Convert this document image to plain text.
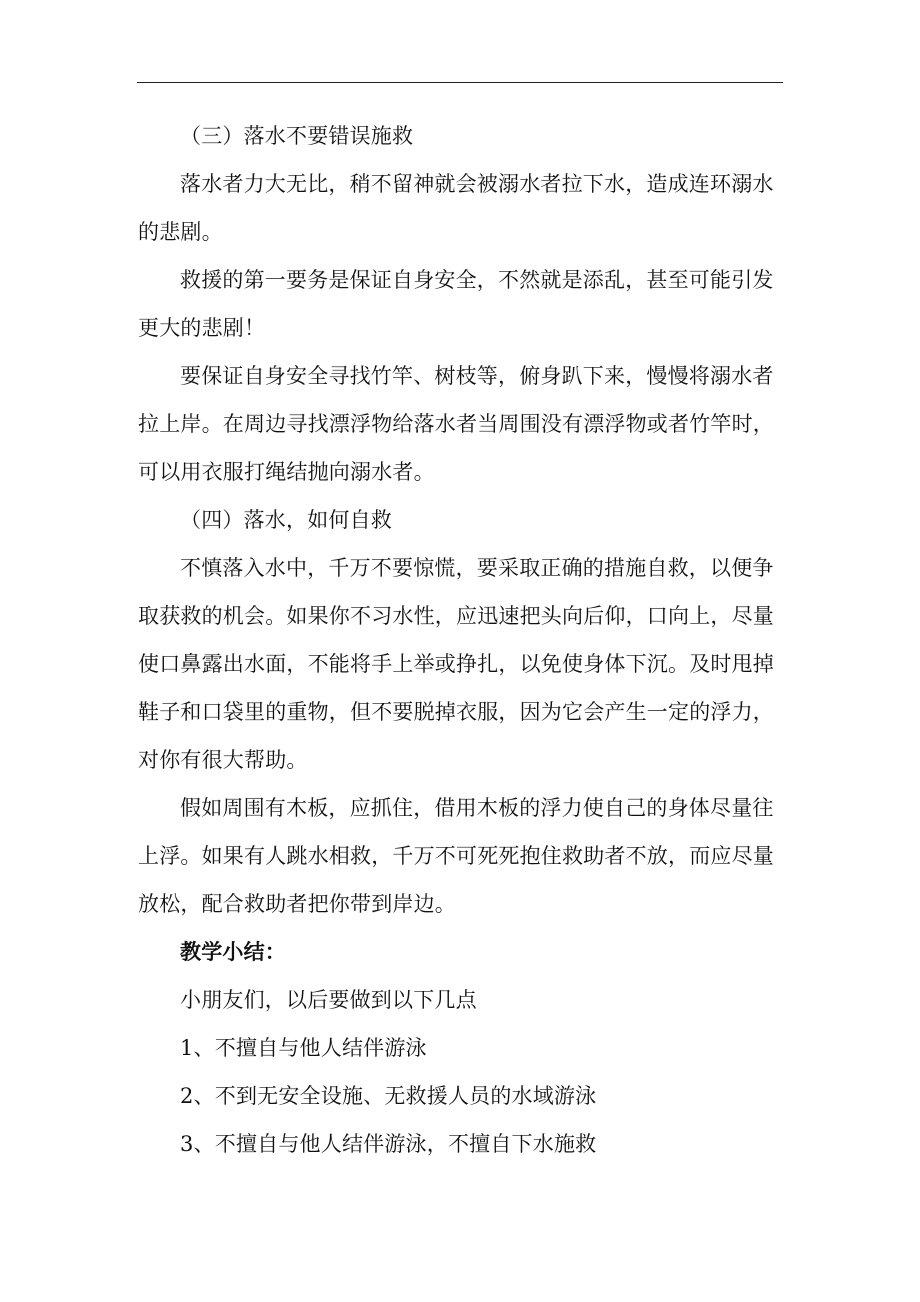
（三）落水不要错误施救
落水者力大无比，稍不留神就会被溺水者拉下水，造成连环溺水
的悲剧。
救援的第一要务是保证自身安全，不然就是添乱，甚至可能引发
更大的悲剧！
要保证自身安全寻找竹竿、树枝等，俯身趴下来，慢慢将溺水者
拉上岸。在周边寻找漂浮物给落水者当周围没有漂浮物或者竹竿时，
可以用衣服打绳结抛向溺水者。
（四）落水，如何自救
不慎落入水中，千万不要惊慌，要采取正确的措施自救，以便争
取获救的机会。如果你不习水性，应迅速把头向后仰，口向上，尽量
使口鼻露出水面，不能将手上举或挣扎，以免使身体下沉。及时甩掉
鞋子和口袋里的重物，但不要脱掉衣服，因为它会产生一定的浮力，
对你有很大帮助。
假如周围有木板，应抓住，借用木板的浮力使自己的身体尽量往
上浮。如果有人跳水相救，千万不可死死抱住救助者不放，而应尽量
放松，配合救助者把你带到岸边。
教学小结：
小朋友们，以后要做到以下几点
1、不擅自与他人结伴游泳
2、不到无安全设施、无救援人员的水域游泳
3、不擅自与他人结伴游泳，不擅自下水施救
